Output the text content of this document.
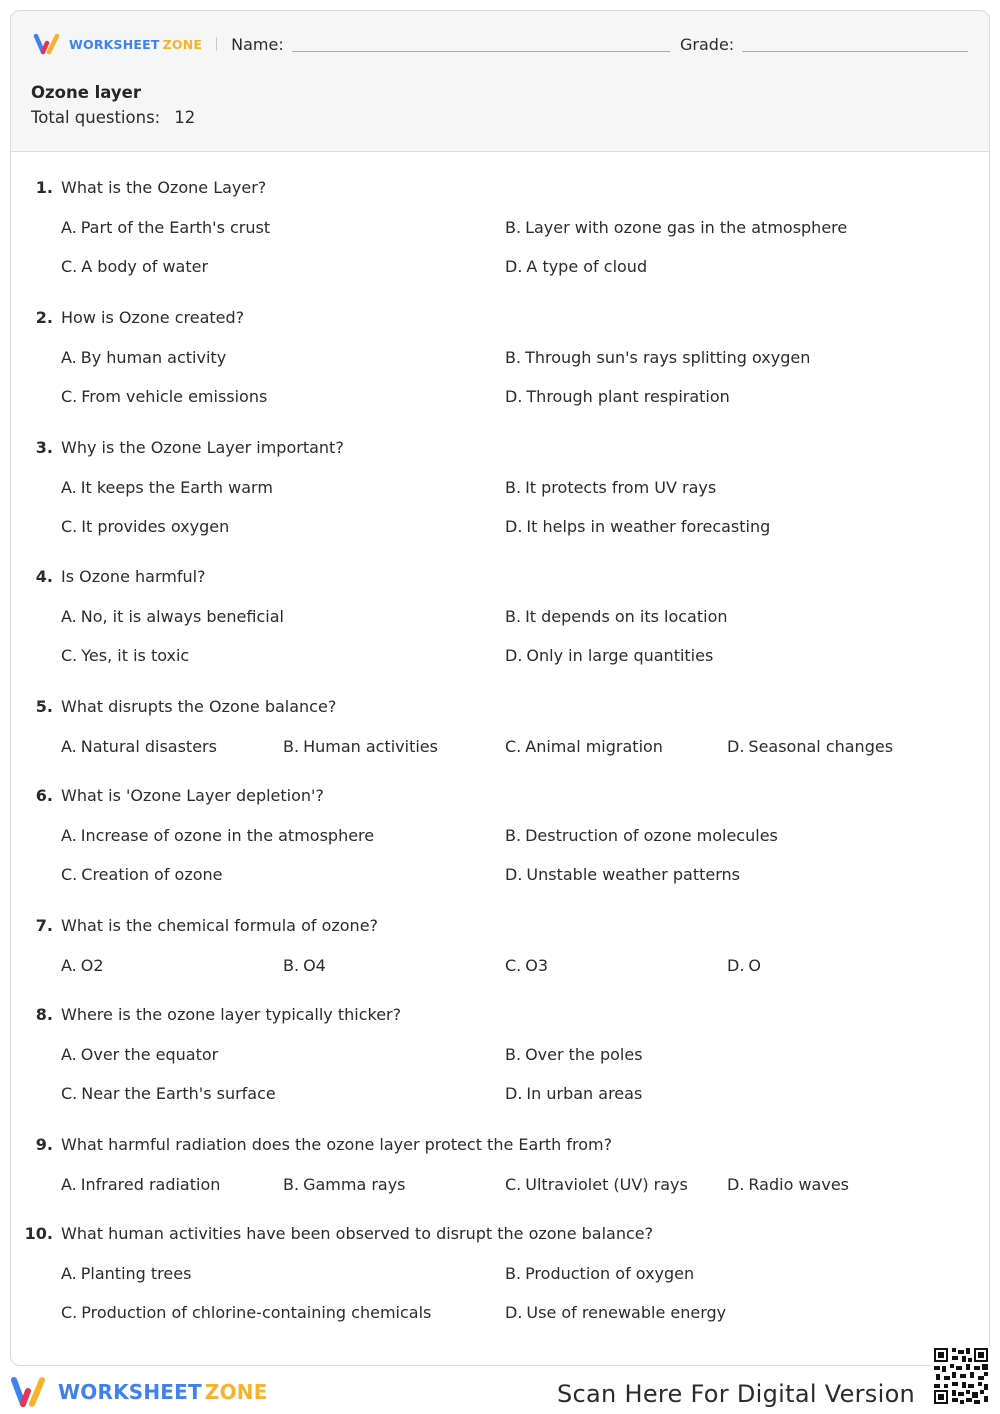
WORKSHEET ZONE Name:	Grade:
Ozone layer
Total questions: 12
1. What is the Ozone Layer?
A. Part of the Earth's crust	B. Layer with ozone gas in the atmosphere
C. A body of water	D. A type of cloud
2. How is Ozone created?
A. By human activity	B. Through sun's rays splitting oxygen
C. From vehicle emissions	D. Through plant respiration
3. Why is the Ozone Layer important?
A. It keeps the Earth warm	B. It protects from UV rays
C. It provides oxygen	D. It helps in weather forecasting
4. Is Ozone harmful?
A. No, it is always beneficial	B. It depends on its location
C. Yes, it is toxic	D. Only in large quantities
5. What disrupts the Ozone balance?
A. Natural disasters	B. Human activities	C. Animal migration	D. Seasonal changes
6. What is 'Ozone Layer depletion'?
A. Increase of ozone in the atmosphere	B. Destruction of ozone molecules
C. Creation of ozone	D. Unstable weather patterns
7. What is the chemical formula of ozone?
A. O2	B. O4	C. O3	D. O
8. Where is the ozone layer typically thicker?
A. Over the equator	B. Over the poles
C. Near the Earth's surface	D. In urban areas
9. What harmful radiation does the ozone layer protect the Earth from?
A. Infrared radiation	B. Gamma rays	C. Ultraviolet (UV) rays D. Radio waves
10. What human activities have been observed to disrupt the ozone balance?
A. Planting trees	B. Production of oxygen
C. Production of chlorine-containing chemicals	D. Use of renewable energy
WORKSHEET ZONE	Scan Here For Digital Version
